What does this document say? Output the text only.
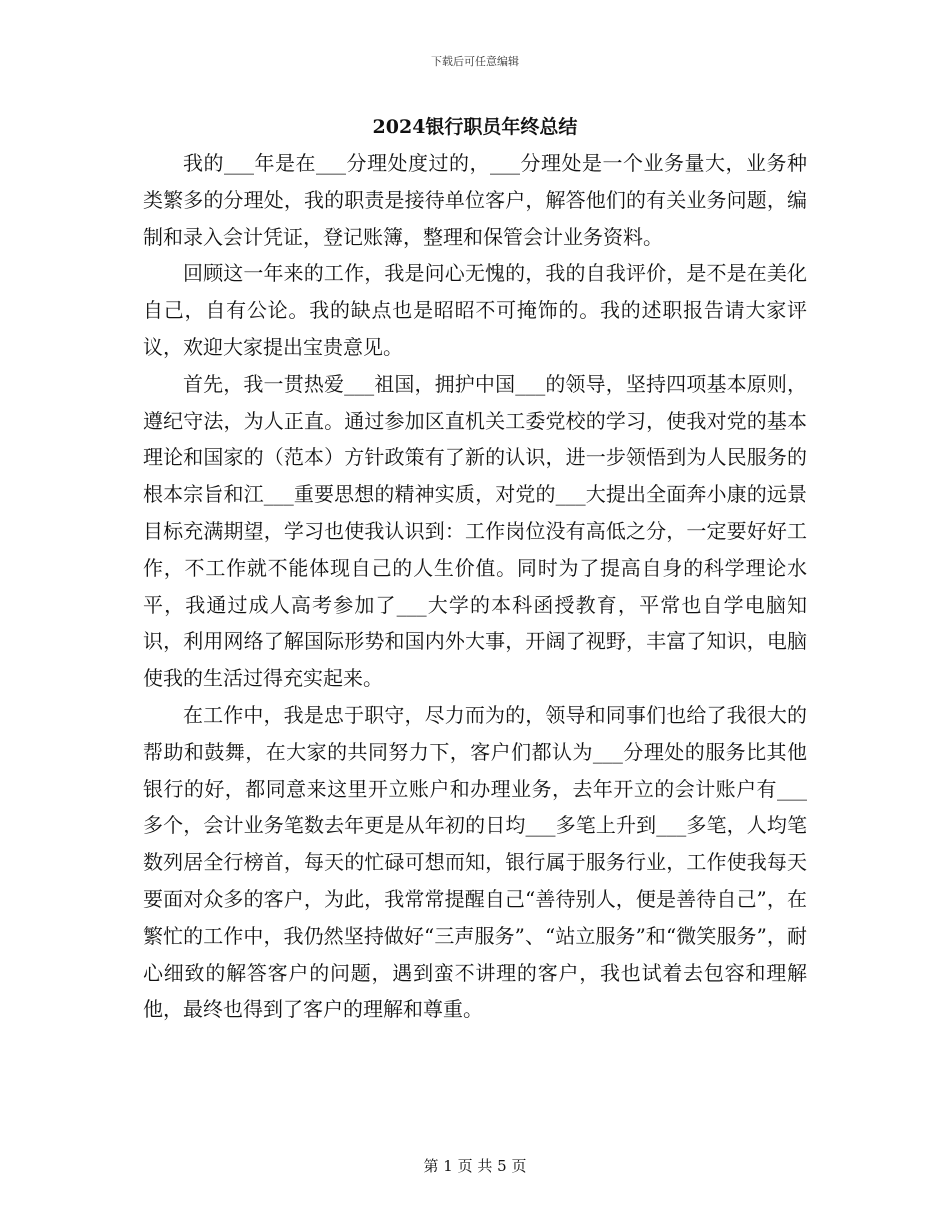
下载后可任意编辑
2024银行职员年终总结

我的___年是在___分理处度过的，___分理处是一个业务量大，业务种类繁多的分理处，我的职责是接待单位客户，解答他们的有关业务问题，编制和录入会计凭证，登记账簿，整理和保管会计业务资料。

回顾这一年来的工作，我是问心无愧的，我的自我评价，是不是在美化自己，自有公论。我的缺点也是昭昭不可掩饰的。我的述职报告请大家评议，欢迎大家提出宝贵意见。

首先，我一贯热爱___祖国，拥护中国___的领导，坚持四项基本原则，遵纪守法，为人正直。通过参加区直机关工委党校的学习，使我对党的基本理论和国家的（范本）方针政策有了新的认识，进一步领悟到为人民服务的根本宗旨和江___重要思想的精神实质，对党的___大提出全面奔小康的远景目标充满期望，学习也使我认识到：工作岗位没有高低之分，一定要好好工作，不工作就不能体现自己的人生价值。同时为了提高自身的科学理论水平，我通过成人高考参加了___大学的本科函授教育，平常也自学电脑知识，利用网络了解国际形势和国内外大事，开阔了视野，丰富了知识，电脑使我的生活过得充实起来。

在工作中，我是忠于职守，尽力而为的，领导和同事们也给了我很大的帮助和鼓舞，在大家的共同努力下，客户们都认为___分理处的服务比其他银行的好，都同意来这里开立账户和办理业务，去年开立的会计账户有___多个，会计业务笔数去年更是从年初的日均___多笔上升到___多笔，人均笔数列居全行榜首，每天的忙碌可想而知，银行属于服务行业，工作使我每天要面对众多的客户，为此，我常常提醒自己“善待别人，便是善待自己”，在繁忙的工作中，我仍然坚持做好“三声服务”、“站立服务”和“微笑服务”，耐心细致的解答客户的问题，遇到蛮不讲理的客户，我也试着去包容和理解他，最终也得到了客户的理解和尊重。

第 1 页 共 5 页
